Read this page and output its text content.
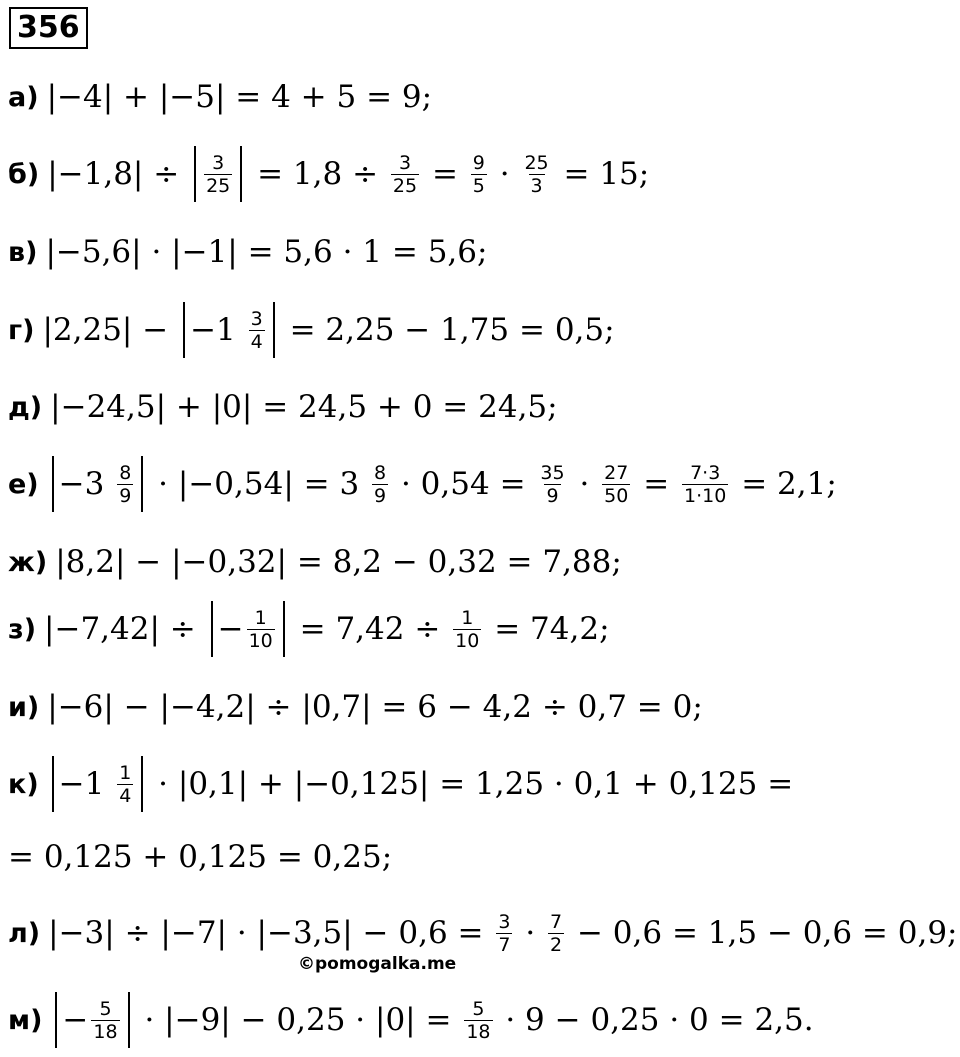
356
а) |−4| + |−5| = 4 + 5 = 9;
б) $|-1,8| \div \frac{3}{25} = 1,8 \div \frac{3}{25} = \frac{9}{5} \cdot \frac{25}{3} = 15$;
в) |−5,6| · |−1| = 5,6 · 1 = 5,6;
г) $|2,25| - -1 \frac{3}{4} = 2,25 - 1,75 = 0,5$;
д) |−24,5| + |0| = 24,5 + 0 = 24,5;
$е) -3 \frac{8}{9} \cdot |-0,54| = 3 \frac{8}{9} \cdot 0,54 = \frac{35}{9} \cdot \frac{27}{50} = \frac{7\cdot 3}{1\cdot 10} = 2,1$;
ж) |8,2| − |−0,32| = 8,2 − 0,32 = 7,88;
з) |−7,42| ÷ − $\frac{1}{10} = 7,42 \div \frac{1}{10} = 74,2$;
и) |−6| − |−4,2| ÷ |0,7| = 6 − 4,2 ÷ 0,7 = 0;
$к) -1 \frac{1}{4} \cdot |0,1| + |-0,125| = 1,25 \cdot 0,1 + 0,125$ =
= 0,125 + 0,125 = 0,25;
л) $|-3| \div |-7| \cdot |-3,5| - 0,6 = \frac{3}{7} \cdot \frac{7}{2} - 0,6 = 1,5 - 0,6 = 0,9$;
©pomogalka.me
$м) - \frac{5}{18} \cdot |-9| - 0,25 \cdot |0| = \frac{5}{18} \cdot 9 - 0,25 \cdot 0 = 2,5$.
